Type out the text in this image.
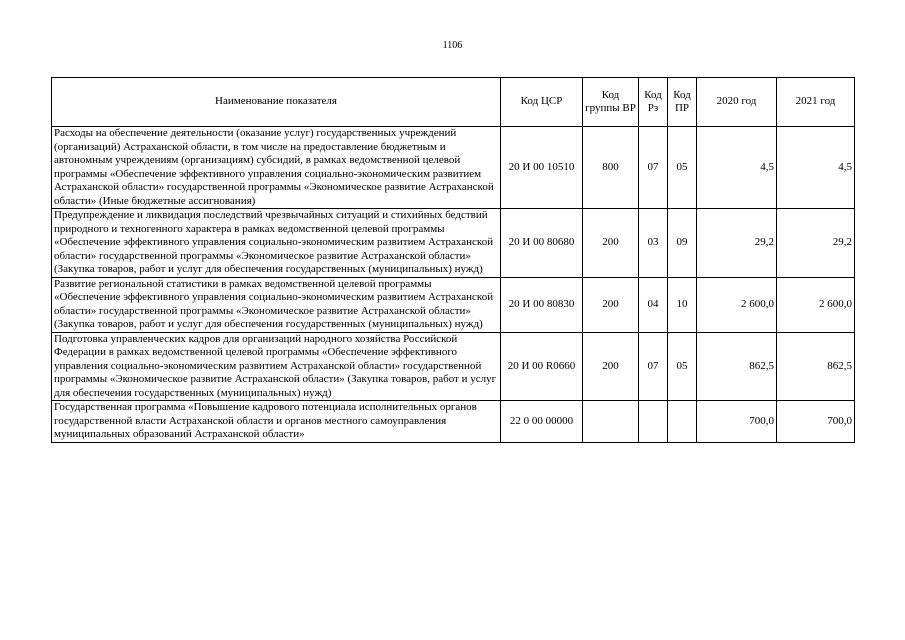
1106
Наименование показателя	Код ЦСР	Код группы ВР	Код Рз	Код ПР	2020 год	2021 год
Расходы на обеспечение деятельности (оказание услуг) государственных учреждений (организаций) Астраханской области, в том числе на предоставление бюджетным и автономным учреждениям (организациям) субсидий, в рамках ведомственной целевой программы «Обеспечение эффективного управления социально-экономическим развитием Астраханской области» государственной программы «Экономическое развитие Астраханской области» (Иные бюджетные ассигнования)	20 И 00 10510	800	07	05	4,5	4,5
Предупреждение и ликвидация последствий чрезвычайных ситуаций и стихийных бедствий природного и техногенного характера в рамках ведомственной целевой программы «Обеспечение эффективного управления социально-экономическим развитием Астраханской области» государственной программы «Экономическое развитие Астраханской области» (Закупка товаров, работ и услуг для обеспечения государственных (муниципальных) нужд)	20 И 00 80680	200	03	09	29,2	29,2
Развитие региональной статистики в рамках ведомственной целевой программы «Обеспечение эффективного управления социально-экономическим развитием Астраханской области» государственной программы «Экономическое развитие Астраханской области» (Закупка товаров, работ и услуг для обеспечения государственных (муниципальных) нужд)	20 И 00 80830	200	04	10	2 600,0	2 600,0
Подготовка управленческих кадров для организаций народного хозяйства Российской Федерации в рамках ведомственной целевой программы «Обеспечение эффективного управления социально-экономическим развитием Астраханской области» государственной программы «Экономическое развитие Астраханской области» (Закупка товаров, работ и услуг для обеспечения государственных (муниципальных) нужд)	20 И 00 R0660	200	07	05	862,5	862,5
Государственная программа «Повышение кадрового потенциала исполнительных органов государственной власти Астраханской области и органов местного самоуправления муниципальных образований Астраханской области»	22 0 00 00000				700,0	700,0
